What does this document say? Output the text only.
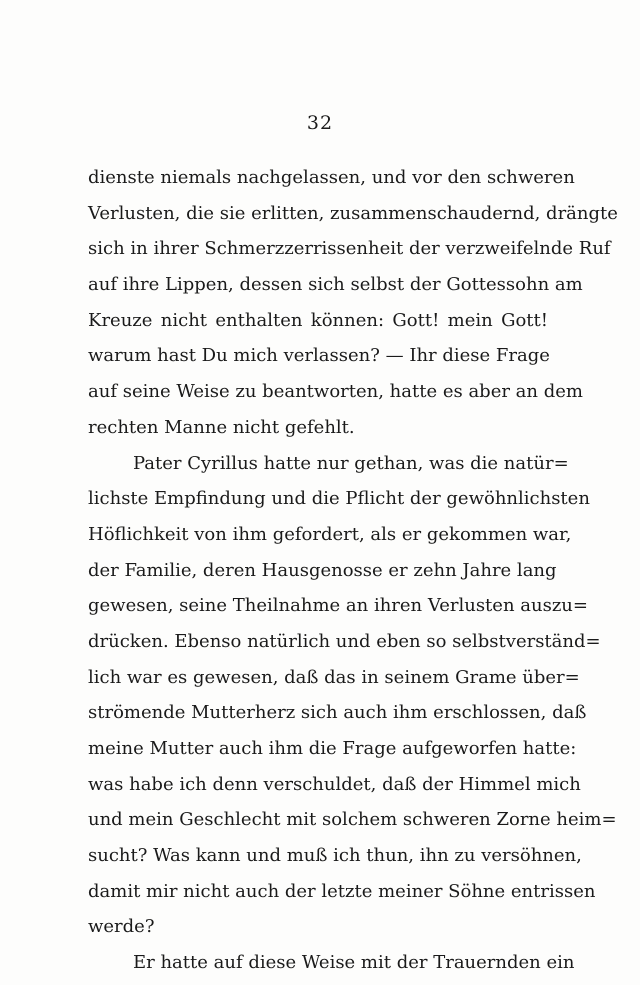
32
dienste niemals nachgelassen, und vor den schweren
Verlusten, die sie erlitten, zusammenschaudernd, drängte
sich in ihrer Schmerzzerrissenheit der verzweifelnde Ruf
auf ihre Lippen, dessen sich selbst der Gottessohn am
Kreuze nicht enthalten können: Gott! mein Gott!
warum hast Du mich verlassen? — Ihr diese Frage
auf seine Weise zu beantworten, hatte es aber an dem
rechten Manne nicht gefehlt.
Pater Cyrillus hatte nur gethan, was die natür=
lichste Empfindung und die Pflicht der gewöhnlichsten
Höflichkeit von ihm gefordert, als er gekommen war,
der Familie, deren Hausgenosse er zehn Jahre lang
gewesen, seine Theilnahme an ihren Verlusten auszu=
drücken. Ebenso natürlich und eben so selbstverständ=
lich war es gewesen, daß das in seinem Grame über=
strömende Mutterherz sich auch ihm erschlossen, daß
meine Mutter auch ihm die Frage aufgeworfen hatte:
was habe ich denn verschuldet, daß der Himmel mich
und mein Geschlecht mit solchem schweren Zorne heim=
sucht? Was kann und muß ich thun, ihn zu versöhnen,
damit mir nicht auch der letzte meiner Söhne entrissen
werde?
Er hatte auf diese Weise mit der Trauernden ein
